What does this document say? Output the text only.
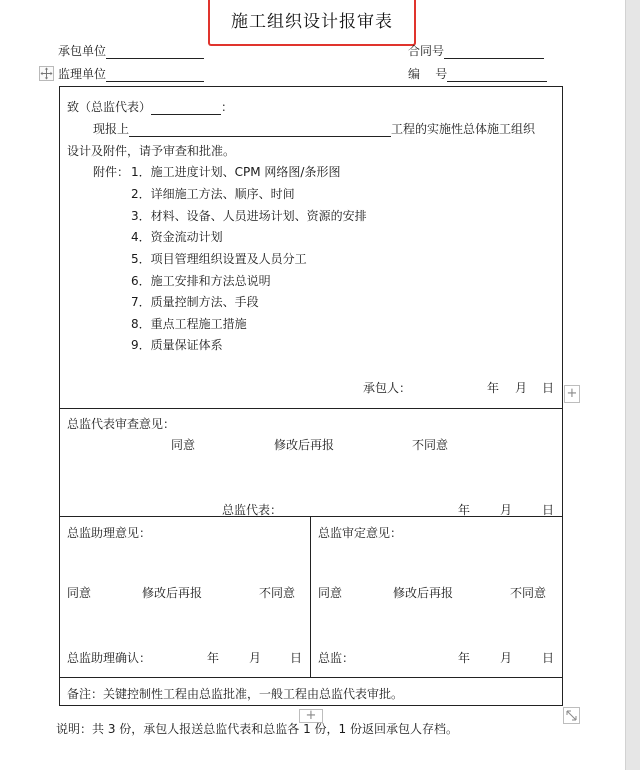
施工组织设计报审表
承包单位	合同号
监理单位	编    号
致（总监代表）	：
现报上	工程的实施性总体施工组织
设计及附件，请予审查和批准。
附件： 1．施工进度计划、CPM 网络图/条形图
2．详细施工方法、顺序、时间
3．材料、设备、人员进场计划、资源的安排
4．资金流动计划
5．项目管理组织设置及人员分工
6．施工安排和方法总说明
7．质量控制方法、手段
8．重点工程施工措施
9．质量保证体系
承包人：	年 月 日
总监代表审查意见：
同意	修改后再报	不同意
总监代表：	年 月 日
总监助理意见：
同意	修改后再报	不同意
总监助理确认：	年 月 日
总监审定意见：
同意	修改后再报	不同意
总监：	年 月 日
备注：关键控制性工程由总监批准，一般工程由总监代表审批。
+
+
说明：共 3 份，承包人报送总监代表和总监各 1 份，1 份返回承包人存档。
